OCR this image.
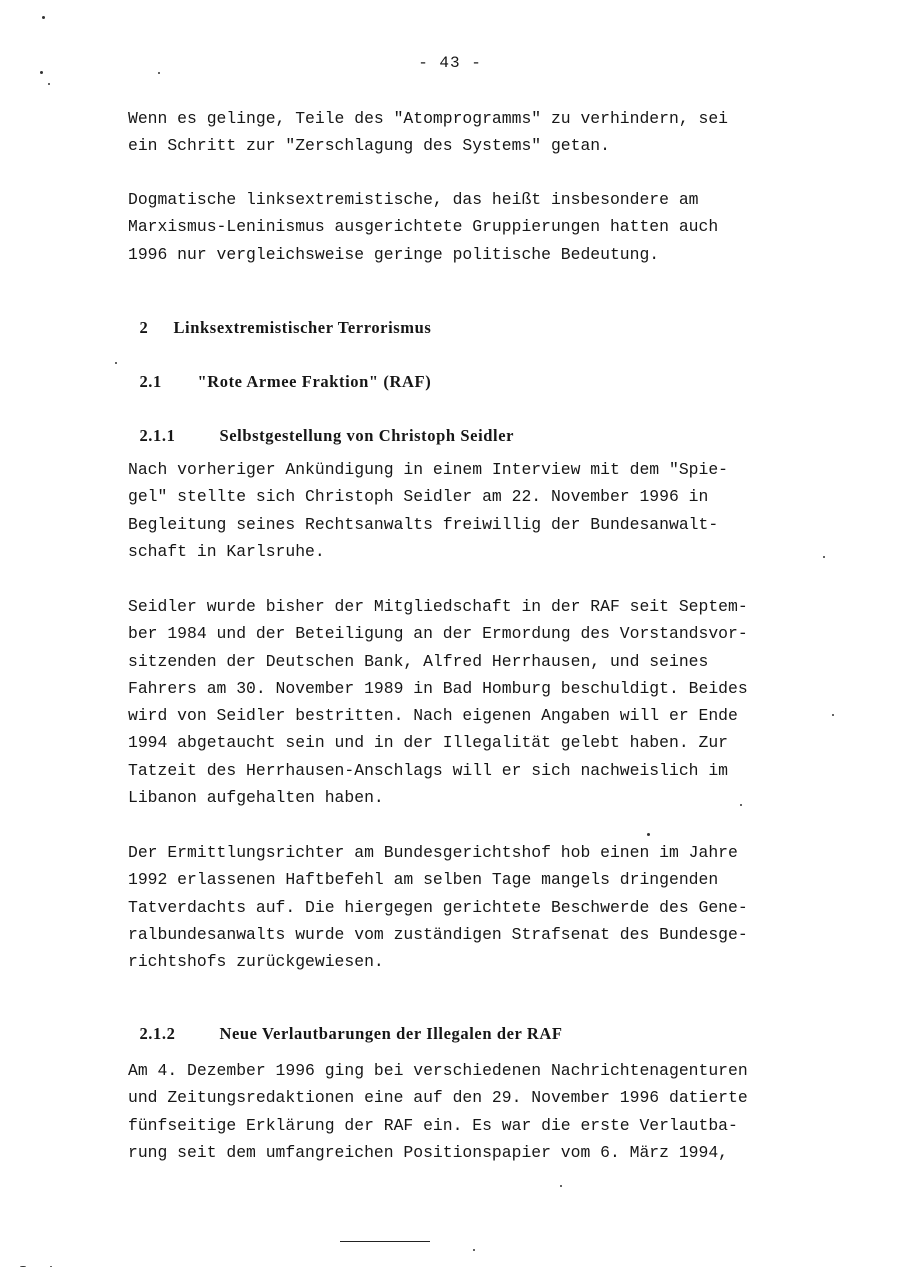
- 43 -
Wenn es gelinge, Teile des "Atomprogramms" zu verhindern, sei
ein Schritt zur "Zerschlagung des Systems" getan.
Dogmatische linksextremistische, das heißt insbesondere am
Marxismus-Leninismus ausgerichtete Gruppierungen hatten auch
1996 nur vergleichsweise geringe politische Bedeutung.

2 Linksextremistischer Terrorismus

2.1 "Rote Armee Fraktion" (RAF)

2.1.1	Selbstgestellung von Christoph Seidler

Nach vorheriger Ankündigung in einem Interview mit dem "Spie-
gel" stellte sich Christoph Seidler am 22. November 1996 in
Begleitung seines Rechtsanwalts freiwillig der Bundesanwalt-
schaft in Karlsruhe.
Seidler wurde bisher der Mitgliedschaft in der RAF seit Septem-
ber 1984 und der Beteiligung an der Ermordung des Vorstandsvor-
sitzenden der Deutschen Bank, Alfred Herrhausen, und seines
Fahrers am 30. November 1989 in Bad Homburg beschuldigt. Beides
wird von Seidler bestritten. Nach eigenen Angaben will er Ende
1994 abgetaucht sein und in der Illegalität gelebt haben. Zur
Tatzeit des Herrhausen-Anschlags will er sich nachweislich im
Libanon aufgehalten haben.
Der Ermittlungsrichter am Bundesgerichtshof hob einen im Jahre
1992 erlassenen Haftbefehl am selben Tage mangels dringenden
Tatverdachts auf. Die hiergegen gerichtete Beschwerde des Gene-
ralbundesanwalts wurde vom zuständigen Strafsenat des Bundesge-
richtshofs zurückgewiesen.

2.1.2	Neue Verlautbarungen der Illegalen der RAF

Am 4. Dezember 1996 ging bei verschiedenen Nachrichtenagenturen
und Zeitungsredaktionen eine auf den 29. November 1996 datierte
fünfseitige Erklärung der RAF ein. Es war die erste Verlautba-
rung seit dem umfangreichen Positionspapier vom 6. März 1994,
